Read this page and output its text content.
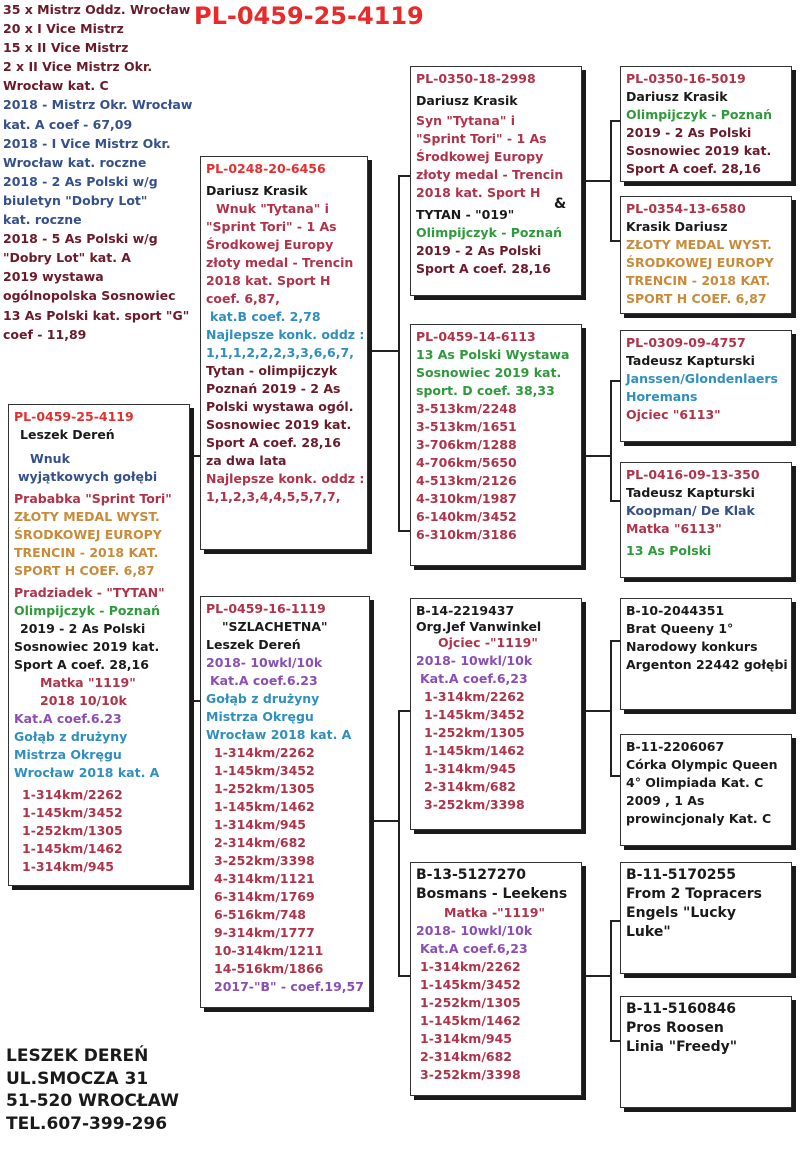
PL-0459-25-4119
35 x Mistrz Oddz. Wrocław
20 x I Vice Mistrz
15 x II Vice Mistrz
2 x II Vice Mistrz Okr.
Wrocław kat. C
2018 - Mistrz Okr. Wrocław
kat. A coef - 67,09
2018 - I Vice Mistrz Okr.
Wrocław kat. roczne
2018 - 2 As Polski w/g
biuletyn "Dobry Lot"
kat. roczne
2018 - 5 As Polski w/g
"Dobry Lot" kat. A
2019 wystawa
ogólnopolska Sosnowiec
13 As Polski kat. sport "G"
coef - 11,89
PL-0459-25-4119
Leszek Dereń
Wnuk
wyjątkowych gołębi
Prababka "Sprint Tori"
ZŁOTY MEDAL WYST.
ŚRODKOWEJ EUROPY
TRENCIN - 2018 KAT.
SPORT H COEF. 6,87
Pradziadek - "TYTAN"
Olimpijczyk - Poznań
2019 - 2 As Polski
Sosnowiec 2019 kat.
Sport A coef. 28,16
Matka "1119"
2018 10/10k
Kat.A coef.6.23
Gołąb z drużyny
Mistrza Okręgu
Wrocław 2018 kat. A
1-314km/2262
1-145km/3452
1-252km/1305
1-145km/1462
1-314km/945
PL-0248-20-6456
Dariusz Krasik
Wnuk "Tytana" i
"Sprint Tori" - 1 As
Środkowej Europy
złoty medal - Trencin
2018 kat. Sport H
coef. 6,87,
kat.B coef. 2,78
Najlepsze konk. oddz :
1,1,1,2,2,2,3,3,6,6,7,
Tytan - olimpijczyk
Poznań 2019 - 2 As
Polski wystawa ogól.
Sosnowiec 2019 kat.
Sport A coef. 28,16
za dwa lata
Najlepsze konk. oddz :
1,1,2,3,4,4,5,5,7,7,
PL-0459-16-1119
"SZLACHETNA"
Leszek Dereń
2018- 10wkl/10k
Kat.A coef.6.23
Gołąb z drużyny
Mistrza Okręgu
Wrocław 2018 kat. A
1-314km/2262
1-145km/3452
1-252km/1305
1-145km/1462
1-314km/945
2-314km/682
3-252km/3398
4-314km/1121
6-314km/1769
6-516km/748
9-314km/1777
10-314km/1211
14-516km/1866
2017-"B" - coef.19,57
PL-0350-18-2998
Dariusz Krasik
Syn "Tytana" i
"Sprint Tori" - 1 As
Środkowej Europy
złoty medal - Trencin
2018 kat. Sport H
TYTAN - "019"
Olimpijczyk - Poznań
2019 - 2 As Polski
Sport A coef. 28,16
&
PL-0459-14-6113
13 As Polski Wystawa
Sosnowiec 2019 kat.
sport. D coef. 38,33
3-513km/2248
3-513km/1651
3-706km/1288
4-706km/5650
4-513km/2126
4-310km/1987
6-140km/3452
6-310km/3186
B-14-2219437
Org.Jef Vanwinkel
Ojciec -"1119"
2018- 10wkl/10k
Kat.A coef.6,23
1-314km/2262
1-145km/3452
1-252km/1305
1-145km/1462
1-314km/945
2-314km/682
3-252km/3398
B-13-5127270
Bosmans - Leekens
Matka -"1119"
2018- 10wkl/10k
Kat.A coef.6,23
1-314km/2262
1-145km/3452
1-252km/1305
1-145km/1462
1-314km/945
2-314km/682
3-252km/3398
PL-0350-16-5019
Dariusz Krasik
Olimpijczyk - Poznań
2019 - 2 As Polski
Sosnowiec 2019 kat.
Sport A coef. 28,16
PL-0354-13-6580
Krasik Dariusz
ZŁOTY MEDAL WYST.
ŚRODKOWEJ EUROPY
TRENCIN - 2018 KAT.
SPORT H COEF. 6,87
PL-0309-09-4757
Tadeusz Kapturski
Janssen/Glondenlaers
Horemans
Ojciec "6113"
PL-0416-09-13-350
Tadeusz Kapturski
Koopman/ De Klak
Matka "6113"
13 As Polski
B-10-2044351
Brat Queeny 1°
Narodowy konkurs
Argenton 22442 gołębi
B-11-2206067
Córka Olympic Queen
4° Olimpiada Kat. C
2009 , 1 As
prowincjonaly Kat. C
B-11-5170255
From 2 Topracers
Engels "Lucky
Luke"
B-11-5160846
Pros Roosen
Linia "Freedy"
LESZEK DEREŃ
UL.SMOCZA 31
51-520 WROCŁAW
TEL.607-399-296
